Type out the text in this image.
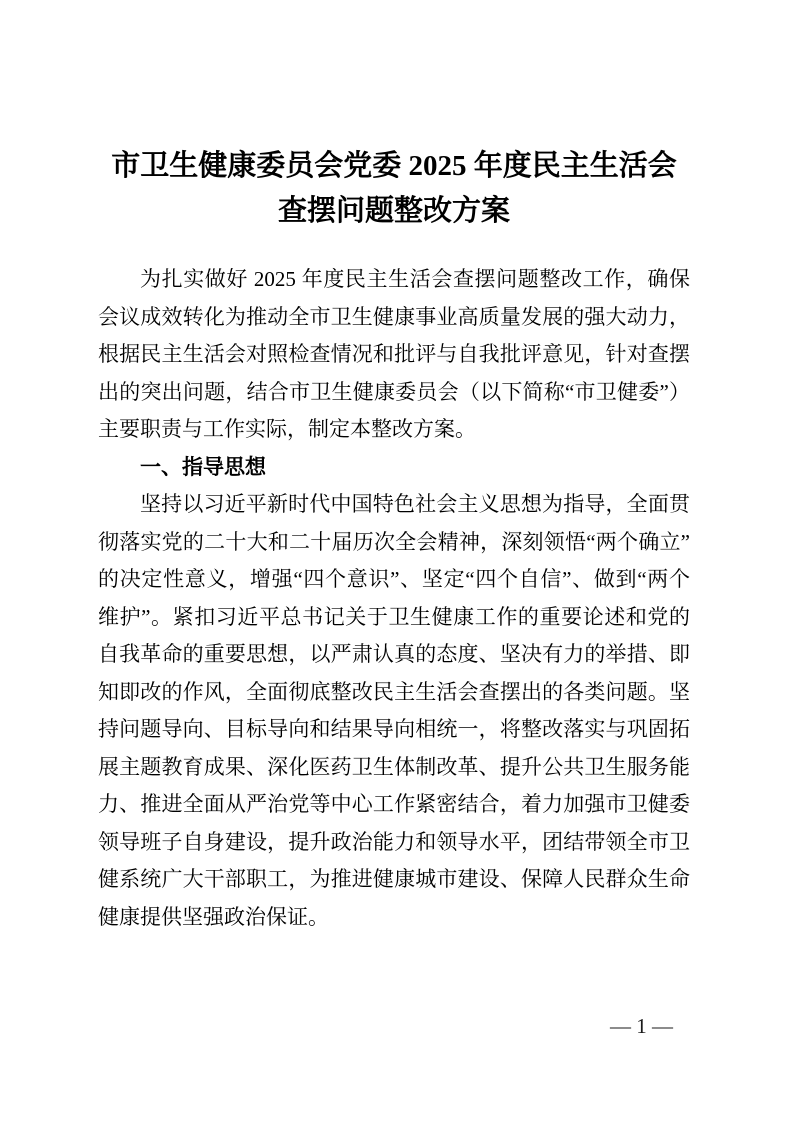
市卫生健康委员会党委 2025 年度民主生活会
查摆问题整改方案

为扎实做好 2025 年度民主生活会查摆问题整改工作，确保会议成效转化为推动全市卫生健康事业高质量发展的强大动力，根据民主生活会对照检查情况和批评与自我批评意见，针对查摆出的突出问题，结合市卫生健康委员会（以下简称“市卫健委”）主要职责与工作实际，制定本整改方案。

一、指导思想

坚持以习近平新时代中国特色社会主义思想为指导，全面贯彻落实党的二十大和二十届历次全会精神，深刻领悟“两个确立”的决定性意义，增强“四个意识”、坚定“四个自信”、做到“两个维护”。紧扣习近平总书记关于卫生健康工作的重要论述和党的自我革命的重要思想，以严肃认真的态度、坚决有力的举措、即知即改的作风，全面彻底整改民主生活会查摆出的各类问题。坚持问题导向、目标导向和结果导向相统一，将整改落实与巩固拓展主题教育成果、深化医药卫生体制改革、提升公共卫生服务能力、推进全面从严治党等中心工作紧密结合，着力加强市卫健委领导班子自身建设，提升政治能力和领导水平，团结带领全市卫健系统广大干部职工，为推进健康城市建设、保障人民群众生命健康提供坚强政治保证。

— 1 —
